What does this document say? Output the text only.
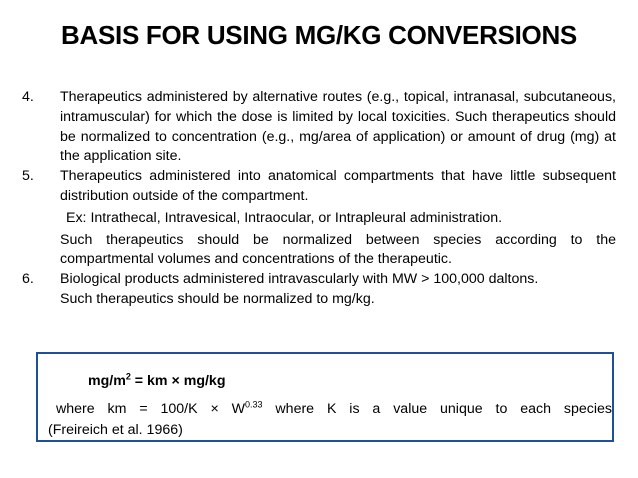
BASIS FOR USING MG/KG CONVERSIONS
4. Therapeutics administered by alternative routes (e.g., topical, intranasal, subcutaneous, intramuscular) for which the dose is limited by local toxicities. Such therapeutics should be normalized to concentration (e.g., mg/area of application) or amount of drug (mg) at the application site.
5. Therapeutics administered into anatomical compartments that have little subsequent distribution outside of the compartment.
Ex: Intrathecal, Intravesical, Intraocular, or Intrapleural administration.
Such therapeutics should be normalized between species according to the compartmental volumes and concentrations of the therapeutic.
6. Biological products administered intravascularly with MW > 100,000 daltons.
Such therapeutics should be normalized to mg/kg.
$mg/m^2$ = km × mg/kg
where km = $100/K \times W^{0.33}$ where K is a value unique to each species
(Freireich et al. 1966)
